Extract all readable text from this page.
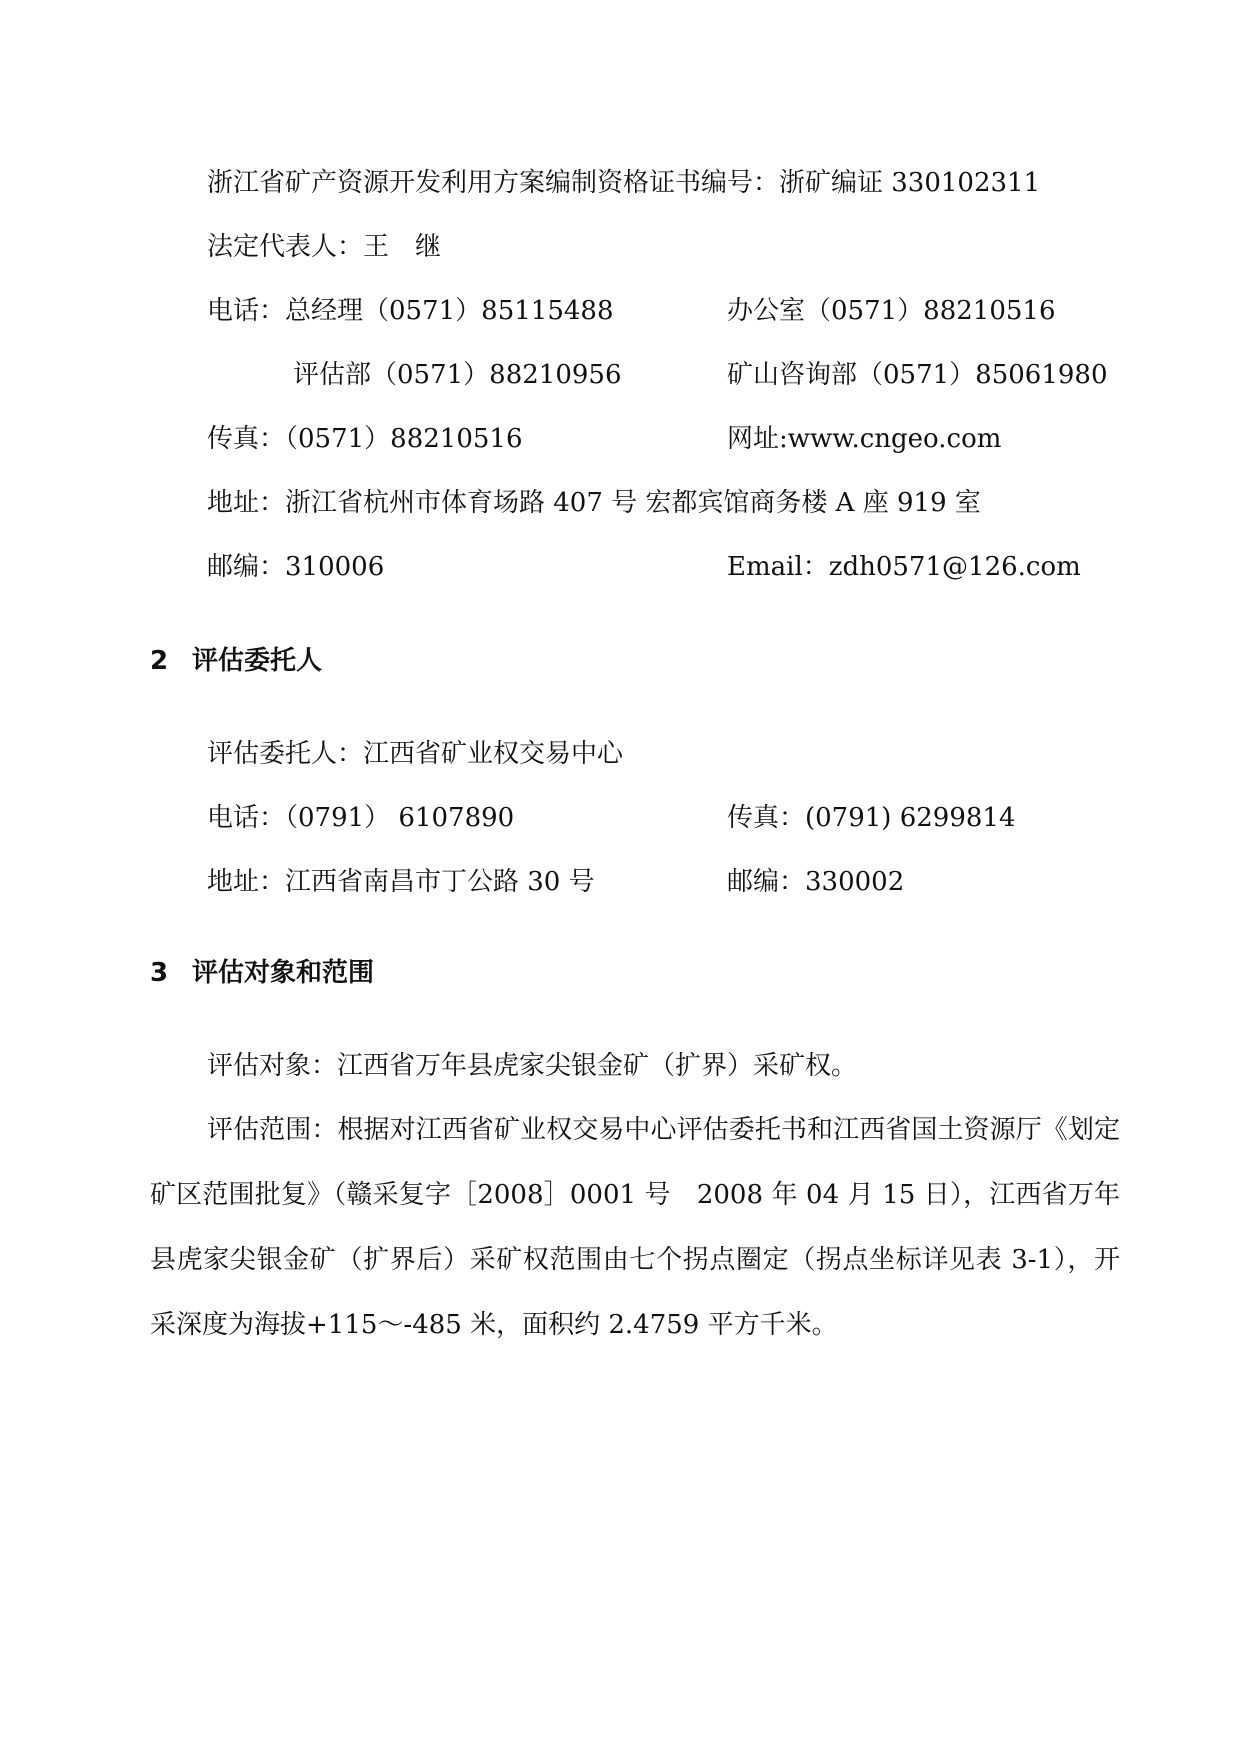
浙江省矿产资源开发利用方案编制资格证书编号：浙矿编证 330102311
法定代表人：王　继
电话：总经理（0571）85115488	办公室（0571）88210516
评估部（0571）88210956	矿山咨询部（0571）85061980
传真：（0571）88210516	网址:www.cngeo.com
地址：浙江省杭州市体育场路 407 号 宏都宾馆商务楼 A 座 919 室
邮编：310006	Email：zdh0571@126.com
2 评估委托人
评估委托人：江西省矿业权交易中心
电话：（0791） 6107890	传真：(0791) 6299814
地址：江西省南昌市丁公路 30 号	邮编：330002
3 评估对象和范围
评估对象：江西省万年县虎家尖银金矿（扩界）采矿权。
评估范围：根据对江西省矿业权交易中心评估委托书和江西省国土资源厅《划定矿区范围批复》（赣采复字［2008］0001 号　2008 年 04 月 15 日），江西省万年县虎家尖银金矿（扩界后）采矿权范围由七个拐点圈定（拐点坐标详见表 3-1），开采深度为海拔+115～-485 米，面积约 2.4759 平方千米。
